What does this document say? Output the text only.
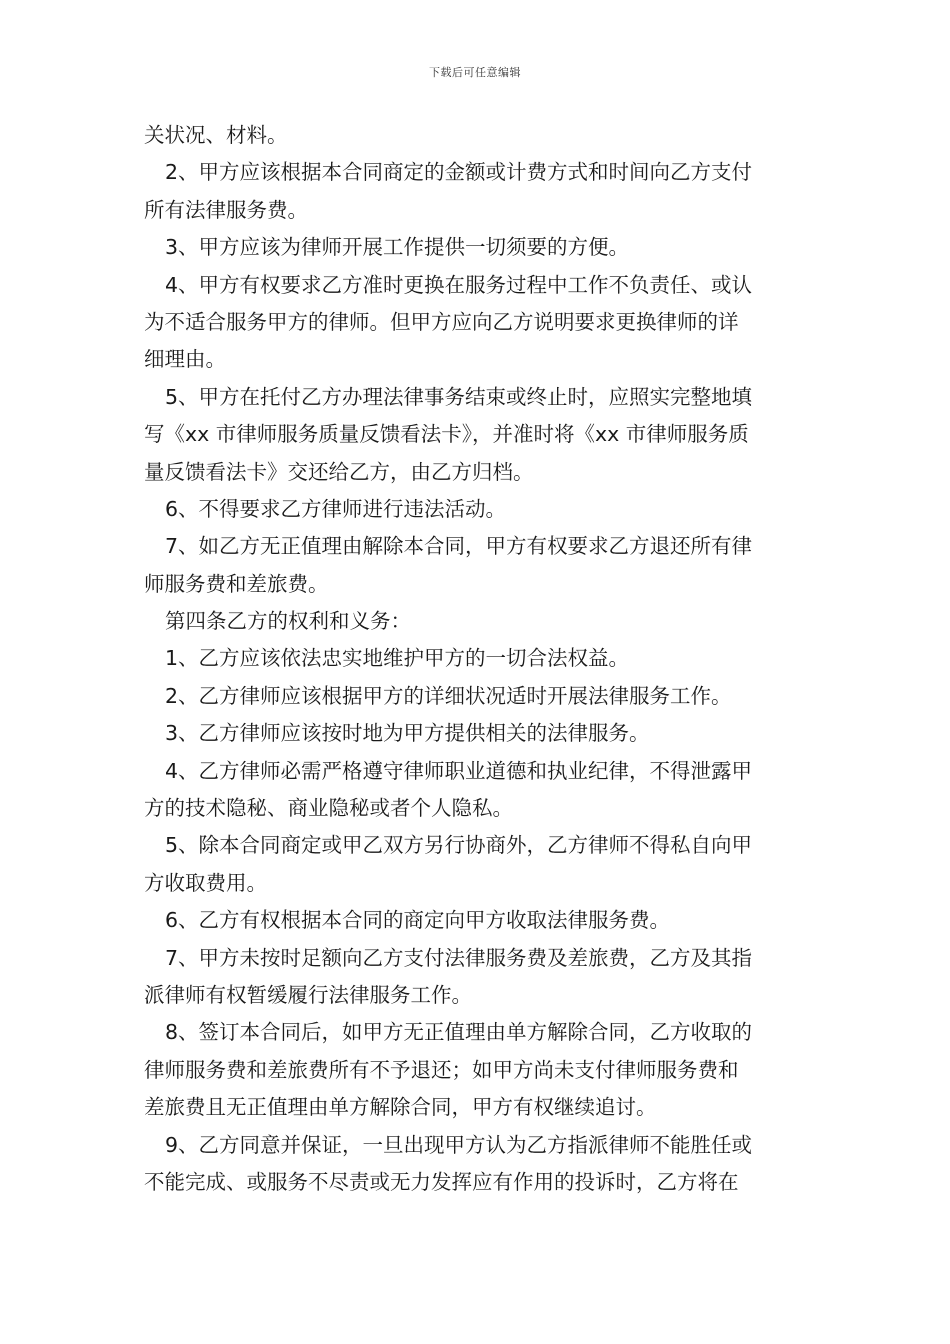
下载后可任意编辑
关状况、材料。
2、甲方应该根据本合同商定的金额或计费方式和时间向乙方支付
所有法律服务费。
3、甲方应该为律师开展工作提供一切须要的方便。
4、甲方有权要求乙方准时更换在服务过程中工作不负责任、或认
为不适合服务甲方的律师。但甲方应向乙方说明要求更换律师的详
细理由。
5、甲方在托付乙方办理法律事务结束或终止时，应照实完整地填
写《xx 市律师服务质量反馈看法卡》，并准时将《xx 市律师服务质
量反馈看法卡》交还给乙方，由乙方归档。
6、不得要求乙方律师进行违法活动。
7、如乙方无正值理由解除本合同，甲方有权要求乙方退还所有律
师服务费和差旅费。
第四条乙方的权利和义务：
1、乙方应该依法忠实地维护甲方的一切合法权益。
2、乙方律师应该根据甲方的详细状况适时开展法律服务工作。
3、乙方律师应该按时地为甲方提供相关的法律服务。
4、乙方律师必需严格遵守律师职业道德和执业纪律，不得泄露甲
方的技术隐秘、商业隐秘或者个人隐私。
5、除本合同商定或甲乙双方另行协商外，乙方律师不得私自向甲
方收取费用。
6、乙方有权根据本合同的商定向甲方收取法律服务费。
7、甲方未按时足额向乙方支付法律服务费及差旅费，乙方及其指
派律师有权暂缓履行法律服务工作。
8、签订本合同后，如甲方无正值理由单方解除合同，乙方收取的
律师服务费和差旅费所有不予退还；如甲方尚未支付律师服务费和
差旅费且无正值理由单方解除合同，甲方有权继续追讨。
9、乙方同意并保证，一旦出现甲方认为乙方指派律师不能胜任或
不能完成、或服务不尽责或无力发挥应有作用的投诉时，乙方将在
